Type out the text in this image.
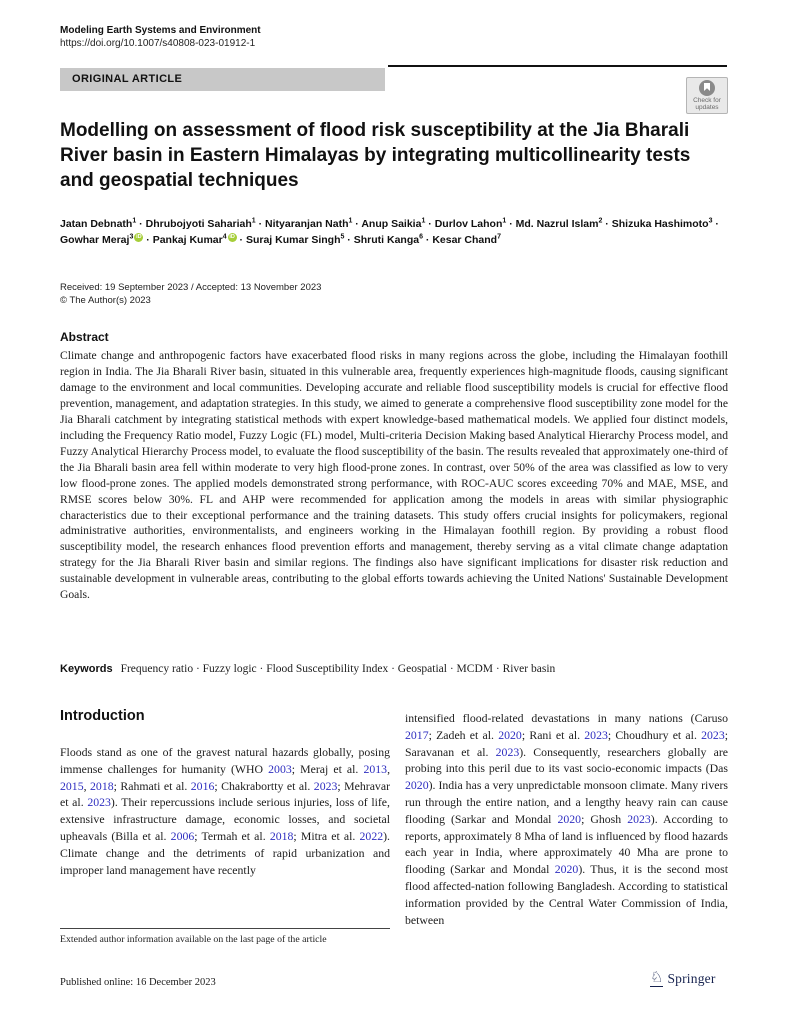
Modeling Earth Systems and Environment
https://doi.org/10.1007/s40808-023-01912-1
ORIGINAL ARTICLE
Check for
updates
Modelling on assessment of flood risk susceptibility at the Jia Bharali River basin in Eastern Himalayas by integrating multicollinearity tests and geospatial techniques
Jatan Debnath$^1$ · Dhrubojyoti Sahariah$^1$ · Nityaranjan Nath$^1$ · Anup Saikia$^1$ · Durlov Lahon$^1$ · Md. Nazrul Islam$^2$ · Shizuka Hashimoto$^3$ · Gowhar Meraj$^3$ iD · Pankaj Kumar$^4$ iD · Suraj Kumar Singh$^5$ · Shruti Kanga$^6$ · Kesar Chand$^7$
Received: 19 September 2023 / Accepted: 13 November 2023
© The Author(s) 2023
Abstract
Climate change and anthropogenic factors have exacerbated flood risks in many regions across the globe, including the Himalayan foothill region in India. The Jia Bharali River basin, situated in this vulnerable area, frequently experiences high-magnitude floods, causing significant damage to the environment and local communities. Developing accurate and reliable flood susceptibility models is crucial for effective flood prevention, management, and adaptation strategies. In this study, we aimed to generate a comprehensive flood susceptibility zone model for the Jia Bharali catchment by integrating statistical methods with expert knowledge-based mathematical models. We applied four distinct models, including the Frequency Ratio model, Fuzzy Logic (FL) model, Multi-criteria Decision Making based Analytical Hierarchy Process model, and Fuzzy Analytical Hierarchy Process model, to evaluate the flood susceptibility of the basin. The results revealed that approximately one-third of the Jia Bharali basin area fell within moderate to very high flood-prone zones. In contrast, over 50% of the area was classified as low to very low flood-prone zones. The applied models demonstrated strong performance, with ROC-AUC scores exceeding 70% and MAE, MSE, and RMSE scores below 30%. FL and AHP were recommended for application among the models in areas with similar physiographic characteristics due to their exceptional performance and the training datasets. This study offers crucial insights for policymakers, regional administrative authorities, environmentalists, and engineers working in the Himalayan foothill region. By providing a robust flood susceptibility model, the research enhances flood prevention efforts and management, thereby serving as a vital climate change adaptation strategy for the Jia Bharali River basin and similar regions. The findings also have significant implications for disaster risk reduction and sustainable development in vulnerable areas, contributing to the global efforts towards achieving the United Nations' Sustainable Development Goals.
Keywords Frequency ratio · Fuzzy logic · Flood Susceptibility Index · Geospatial · MCDM · River basin
Introduction
Floods stand as one of the gravest natural hazards globally, posing immense challenges for humanity (WHO 2003; Meraj et al. 2013, 2015, 2018; Rahmati et al. 2016; Chakrabortty et al. 2023; Mehravar et al. 2023). Their repercussions include serious injuries, loss of life, extensive infrastructure damage, economic losses, and societal upheavals (Billa et al. 2006; Termah et al. 2018; Mitra et al. 2022). Climate change and the detriments of rapid urbanization and improper land management have recently
intensified flood-related devastations in many nations (Caruso 2017; Zadeh et al. 2020; Rani et al. 2023; Choudhury et al. 2023; Saravanan et al. 2023). Consequently, researchers globally are probing into this peril due to its vast socio-economic impacts (Das 2020). India has a very unpredictable monsoon climate. Many rivers run through the entire nation, and a lengthy heavy rain can cause flooding (Sarkar and Mondal 2020; Ghosh 2023). According to reports, approximately 8 Mha of land is influenced by flood hazards each year in India, where approximately 40 Mha are prone to flooding (Sarkar and Mondal 2020). Thus, it is the second most flood affected-nation following Bangladesh. According to statistical information provided by the Central Water Commission of India, between
Extended author information available on the last page of the article
Published online: 16 December 2023	♘ Springer
